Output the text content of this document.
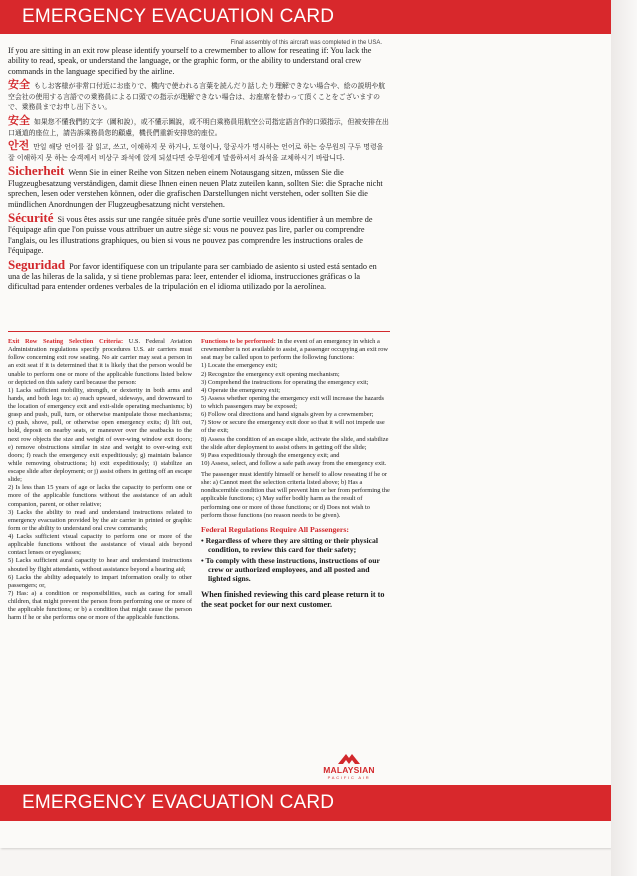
EMERGENCY EVACUATION CARD
Final assembly of this aircraft was completed in the USA.

If you are sitting in an exit row please identify yourself to a crewmember to allow for reseating if: You lack the ability to read, speak, or understand the language, or the graphic form, or the ability to understand oral crew commands in the language specified by the airline.

安全 もしお客様が非常口付近にお座りで、機内で使われる言葉を読んだり話したり理解できない場合や、絵の説明や航空会社の使用する言語での乗務員による口頭での指示が理解できない場合は、お座席を替わって頂くことをございますので、乗務員までお申し出下さい。

安全 如果您不懂我們的文字（圖和說），或不懂示圖說，或不明白乘務員用航空公司指定語言作的口頭指示，但被安排在出口通道的座位上，請告訴乘務員您的顧慮，機長們重新安排您的座位。

안전 만일 해당 언어를 잘 읽고, 쓰고, 이해하지 못 하거나, 도형이나, 항공사가 명시하는 언어로 하는 승무원의 구두 명령을 잘 이해하지 못 하는 승객께서 비상구 좌석에 앉게 되셨다면 승무원에게 말씀하셔서 좌석을 교체하시기 바랍니다.

Sicherheit Wenn Sie in einer Reihe von Sitzen neben einem Notausgang sitzen, müssen Sie die Flugzeugbesatzung verständigen, damit diese Ihnen einen neuen Platz zuteilen kann, sollten Sie: die Sprache nicht sprechen, lesen oder verstehen können, oder die grafischen Darstellungen nicht verstehen, oder sollten Sie die mündlichen Anordnungen der Flugzeugbesatzung nicht verstehen.

Sécurité Si vous êtes assis sur une rangée située près d'une sortie veuillez vous identifier à un membre de l'équipage afin que l'on puisse vous attribuer un autre siège si: vous ne pouvez pas lire, parler ou comprendre l'anglais, ou les illustrations graphiques, ou bien si vous ne pouvez pas comprendre les instructions orales de l'équipage.

Seguridad Por favor identifíquese con un tripulante para ser cambiado de asiento si usted está sentado en una de las hileras de la salida, y si tiene problemas para: leer, entender el idioma, instrucciones gráficas o la dificultad para entender ordenes verbales de la tripulación en el idioma utilizado por la aerolínea.

Exit Row Seating Selection Criteria: U.S. Federal Aviation Administration regulations specify procedures U.S. air carriers must follow concerning exit row seating. No air carrier may seat a person in an exit seat if it is determined that it is likely that the person would be unable to perform one or more of the applicable functions listed below or depicted on this safety card because the person:

1) Lacks sufficient mobility, strength, or dexterity in both arms and hands, and both legs to: a) reach upward, sideways, and downward to the location of emergency exit and exit-slide operating mechanisms; b) grasp and push, pull, turn, or otherwise manipulate those mechanisms; c) push, shove, pull, or otherwise open emergency exits; d) lift out, hold, deposit on nearby seats, or maneuver over the seatbacks to the next row objects the size and weight of over-wing window exit doors; e) remove obstructions similar in size and weight to over-wing exit doors; f) reach the emergency exit expeditiously; g) maintain balance while removing obstructions; h) exit expeditiously; i) stabilize an escape slide after deployment; or j) assist others in getting off an escape slide;

2) Is less than 15 years of age or lacks the capacity to perform one or more of the applicable functions without the assistance of an adult companion, parent, or other relative;

3) Lacks the ability to read and understand instructions related to emergency evacuation provided by the air carrier in printed or graphic form or the ability to understand oral crew commands;

4) Lacks sufficient visual capacity to perform one or more of the applicable functions without the assistance of visual aids beyond contact lenses or eyeglasses;

5) Lacks sufficient aural capacity to hear and understand instructions shouted by flight attendants, without assistance beyond a hearing aid;

6) Lacks the ability adequately to impart information orally to other passengers; or,

7) Has: a) a condition or responsibilities, such as caring for small children, that might prevent the person from performing one or more of the applicable functions; or b) a condition that might cause the person harm if he or she performs one or more of the applicable functions.

Functions to be performed: In the event of an emergency in which a crewmember is not available to assist, a passenger occupying an exit row seat may be called upon to perform the following functions:

1) Locate the emergency exit;

2) Recognize the emergency exit opening mechanism;

3) Comprehend the instructions for operating the emergency exit;

4) Operate the emergency exit;

5) Assess whether opening the emergency exit will increase the hazards to which passengers may be exposed;

6) Follow oral directions and hand signals given by a crewmember;

7) Stow or secure the emergency exit door so that it will not impede use of the exit;

8) Assess the condition of an escape slide, activate the slide, and stabilize the slide after deployment to assist others in getting off the slide;

9) Pass expeditiously through the emergency exit; and

10) Assess, select, and follow a safe path away from the emergency exit.

The passenger must identify himself or herself to allow reseating if he or she: a) Cannot meet the selection criteria listed above; b) Has a nondiscernible condition that will prevent him or her from performing the applicable functions; c) May suffer bodily harm as the result of performing one or more of those functions; or d) Does not wish to perform those functions (no reason needs to be given).

Federal Regulations Require All Passengers:
• Regardless of where they are sitting or their physical condition, to review this card for their safety;
• To comply with these instructions, instructions of our crew or authorized employees, and all posted and lighted signs.
When finished reviewing this card please return it to the seat pocket for our next customer.
MALAYSIAN
PACIFIC AIR
EMERGENCY EVACUATION CARD
